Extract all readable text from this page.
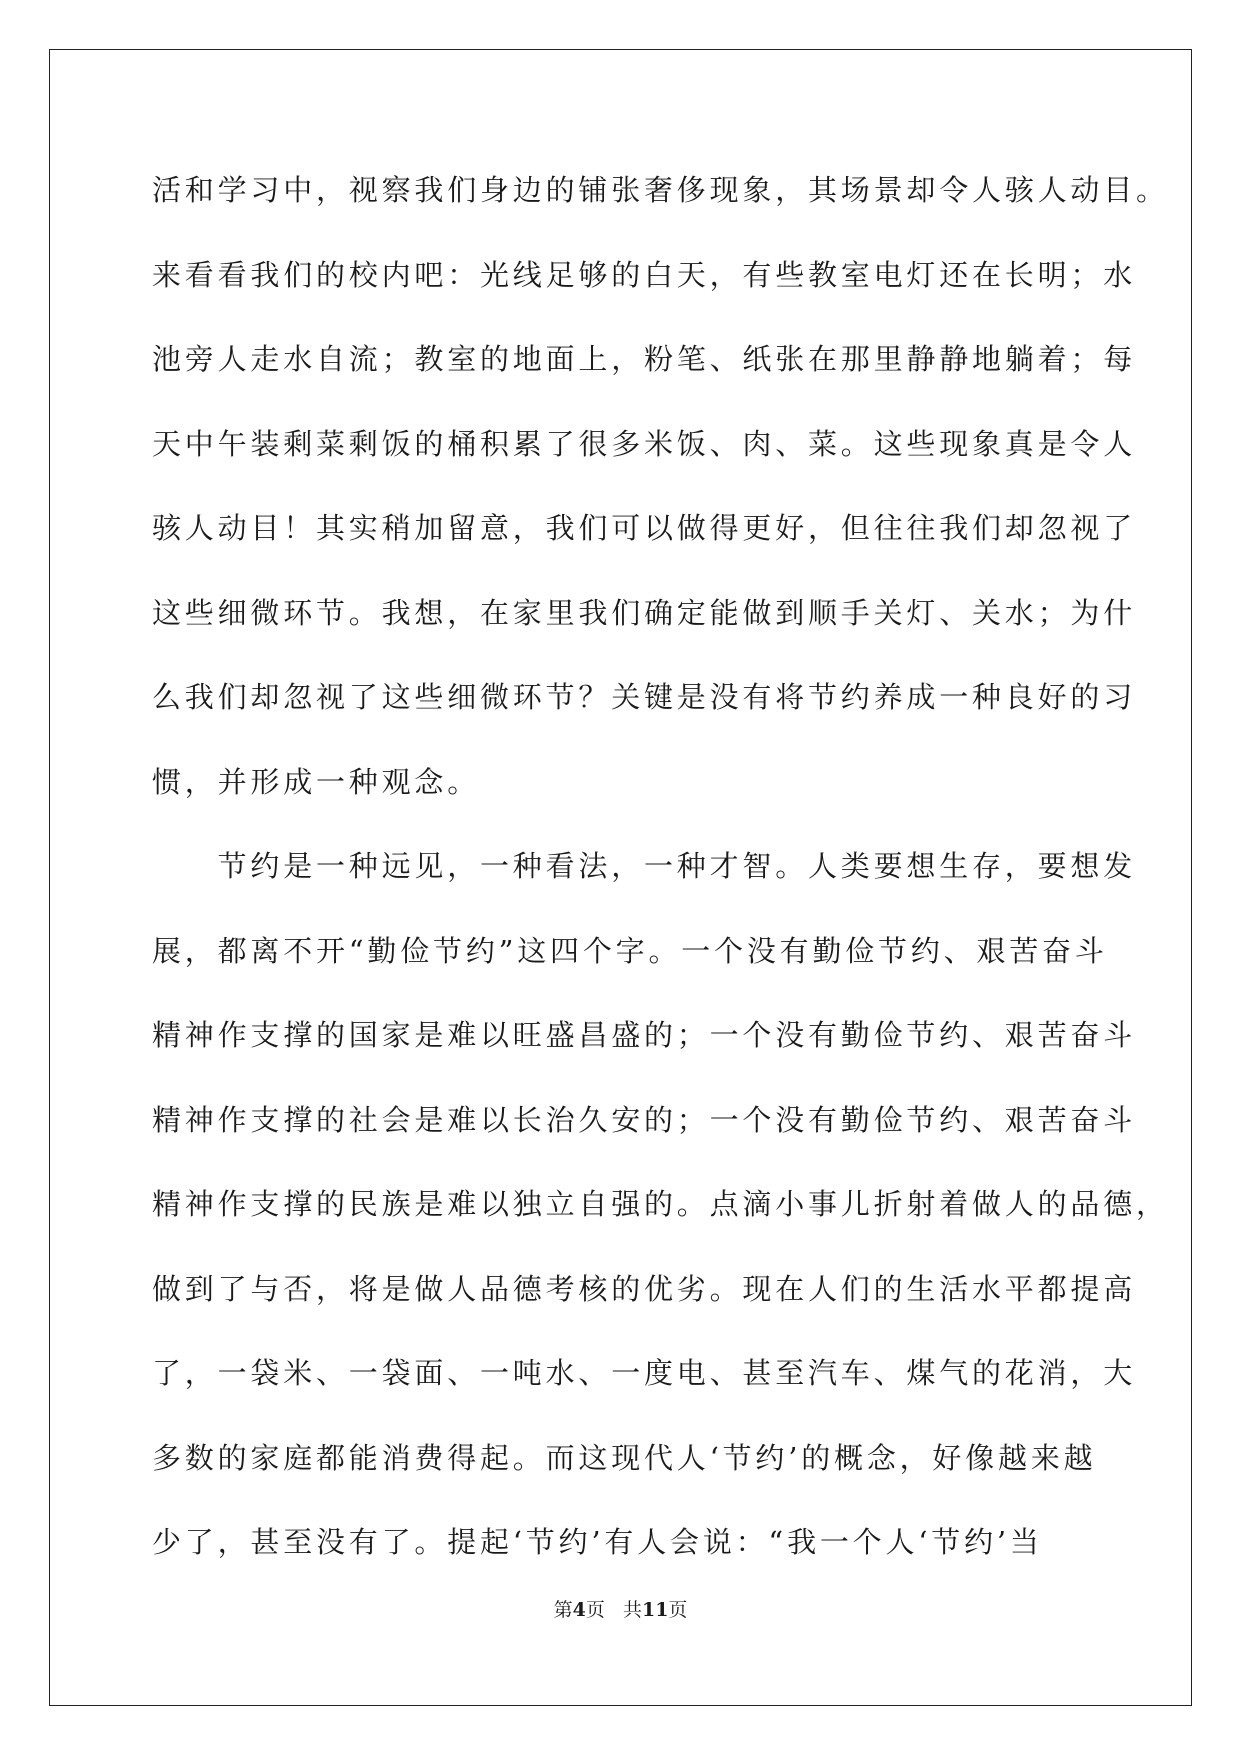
活和学习中，视察我们身边的铺张奢侈现象，其场景却令人骇人动目。
来看看我们的校内吧：光线足够的白天，有些教室电灯还在长明；水
池旁人走水自流；教室的地面上，粉笔、纸张在那里静静地躺着；每
天中午装剩菜剩饭的桶积累了很多米饭、肉、菜。这些现象真是令人
骇人动目！其实稍加留意，我们可以做得更好，但往往我们却忽视了
这些细微环节。我想，在家里我们确定能做到顺手关灯、关水；为什
么我们却忽视了这些细微环节？关键是没有将节约养成一种良好的习
惯，并形成一种观念。
　　节约是一种远见，一种看法，一种才智。人类要想生存，要想发
展，都离不开“勤俭节约”这四个字。一个没有勤俭节约、艰苦奋斗
精神作支撑的国家是难以旺盛昌盛的；一个没有勤俭节约、艰苦奋斗
精神作支撑的社会是难以长治久安的；一个没有勤俭节约、艰苦奋斗
精神作支撑的民族是难以独立自强的。点滴小事儿折射着做人的品德，
做到了与否，将是做人品德考核的优劣。现在人们的生活水平都提高
了，一袋米、一袋面、一吨水、一度电、甚至汽车、煤气的花消，大
多数的家庭都能消费得起。而这现代人‘节约’的概念，好像越来越
少了，甚至没有了。提起‘节约’有人会说：“我一个人‘节约’当
第4页 共11页
